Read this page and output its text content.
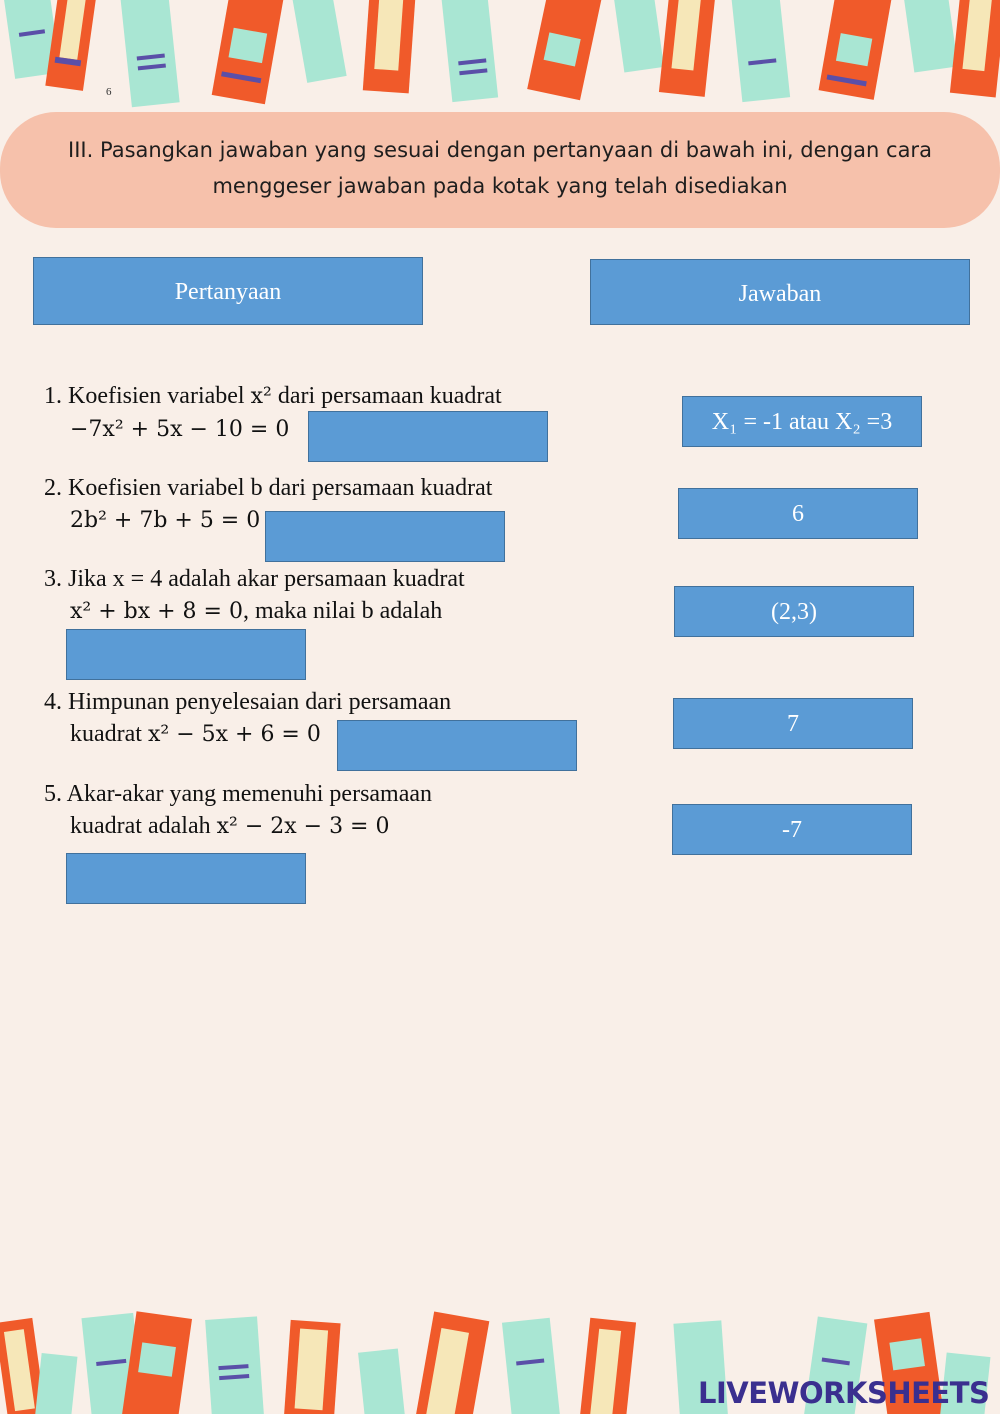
6
III. Pasangkan jawaban yang sesuai dengan pertanyaan di bawah ini, dengan cara
menggeser jawaban pada kotak yang telah disediakan
Pertanyaan	Jawaban
1. Koefisien variabel x² dari persamaan kuadrat
−7x² + 5x − 10 = 0
2. Koefisien variabel b dari persamaan kuadrat
2b² + 7b + 5 = 0
3. Jika x = 4 adalah akar persamaan kuadrat
x² + bx + 8 = 0, maka nilai b adalah
4. Himpunan penyelesaian dari persamaan
kuadrat x² − 5x + 6 = 0
5. Akar-akar yang memenuhi persamaan
kuadrat adalah x² − 2x − 3 = 0
X₁ = -1 atau X₂ =3
6
(2,3)
7
-7
LIVEWORKSHEETS
